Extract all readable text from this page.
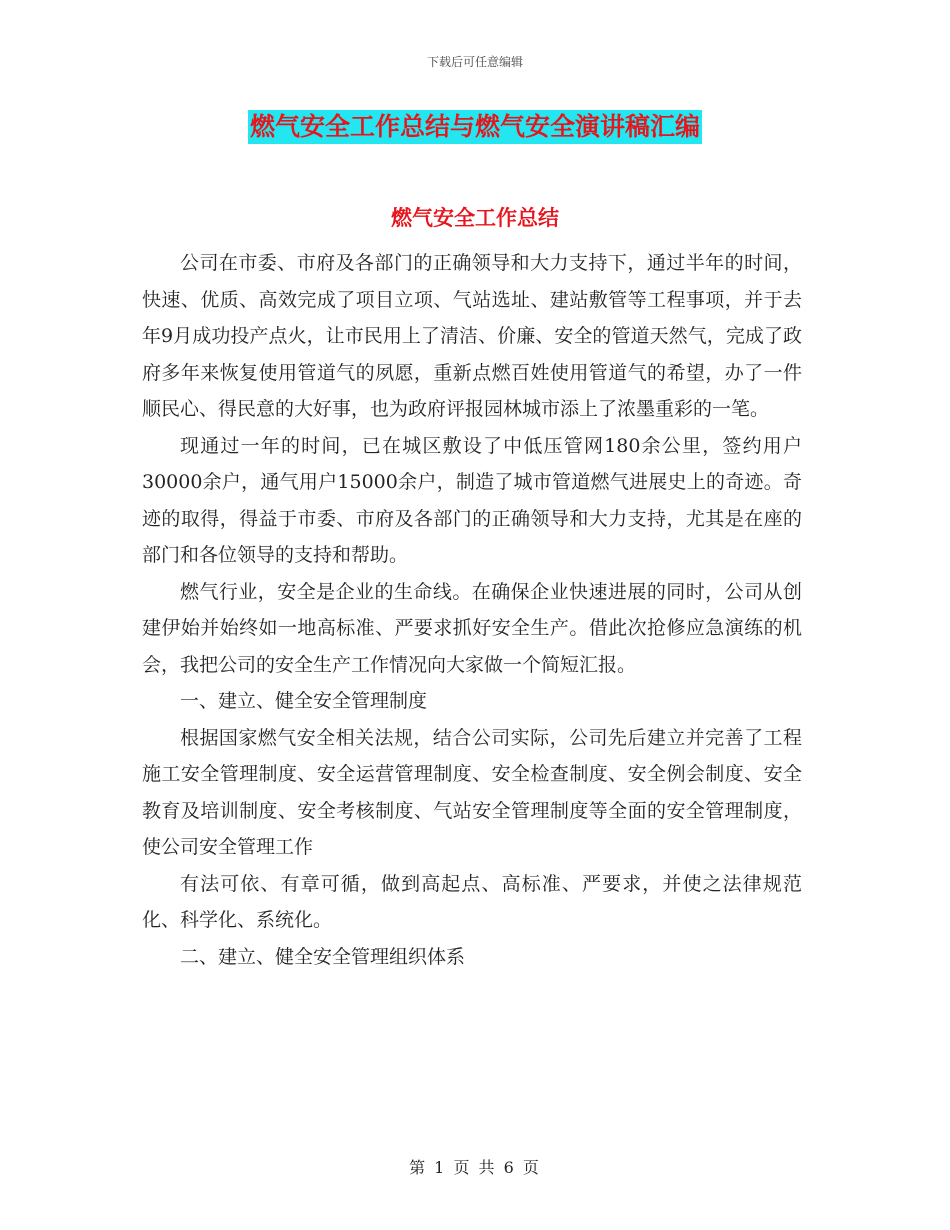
下载后可任意编辑
燃气安全工作总结与燃气安全演讲稿汇编
燃气安全工作总结

公司在市委、市府及各部门的正确领导和大力支持下，通过半年的时间，快速、优质、高效完成了项目立项、气站选址、建站敷管等工程事项，并于去年9月成功投产点火，让市民用上了清洁、价廉、安全的管道天然气，完成了政府多年来恢复使用管道气的夙愿，重新点燃百姓使用管道气的希望，办了一件顺民心、得民意的大好事，也为政府评报园林城市添上了浓墨重彩的一笔。

现通过一年的时间，已在城区敷设了中低压管网180余公里，签约用户30000余户，通气用户15000余户，制造了城市管道燃气进展史上的奇迹。奇迹的取得，得益于市委、市府及各部门的正确领导和大力支持，尤其是在座的部门和各位领导的支持和帮助。

燃气行业，安全是企业的生命线。在确保企业快速进展的同时，公司从创建伊始并始终如一地高标准、严要求抓好安全生产。借此次抢修应急演练的机会，我把公司的安全生产工作情况向大家做一个简短汇报。

一、建立、健全安全管理制度

根据国家燃气安全相关法规，结合公司实际，公司先后建立并完善了工程施工安全管理制度、安全运营管理制度、安全检查制度、安全例会制度、安全教育及培训制度、安全考核制度、气站安全管理制度等全面的安全管理制度，使公司安全管理工作

有法可依、有章可循，做到高起点、高标准、严要求，并使之法律规范化、科学化、系统化。

二、建立、健全安全管理组织体系

第 1 页 共 6 页
